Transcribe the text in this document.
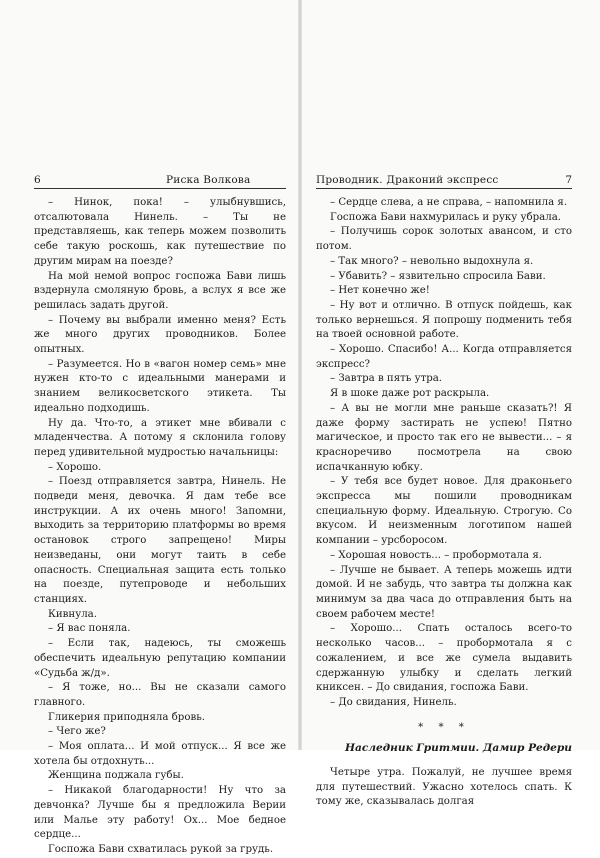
6	Риска Волкова

– Нинок, пока! – улыбнувшись, отсалютовала Нинель. – Ты не представляешь, как теперь можем позволить себе такую роскошь, как путешествие по другим мирам на поезде?

На мой немой вопрос госпожа Бави лишь вздернула смоляную бровь, а вслух я все же решилась задать другой.

– Почему вы выбрали именно меня? Есть же много других проводников. Более опытных.

– Разумеется. Но в «вагон номер семь» мне нужен кто-то с идеальными манерами и знанием великосветского этикета. Ты идеально подходишь.

Ну да. Что-то, а этикет мне вбивали с младенчества. А потому я склонила голову перед удивительной мудростью начальницы:

– Хорошо.

– Поезд отправляется завтра, Нинель. Не подведи меня, девочка. Я дам тебе все инструкции. А их очень много! Запомни, выходить за территорию платформы во время остановок строго запрещено! Миры неизведаны, они могут таить в себе опасность. Специальная защита есть только на поезде, путепроводе и небольших станциях.

Кивнула.

– Я вас поняла.

– Если так, надеюсь, ты сможешь обеспечить идеальную репутацию компании «Судьба ж/д».

– Я тоже, но... Вы не сказали самого главного.

Гликерия приподняла бровь.

– Чего же?

– Моя оплата... И мой отпуск... Я все же хотела бы отдохнуть...

Женщина поджала губы.

– Никакой благодарности! Ну что за девчонка? Лучше бы я предложила Верии или Малье эту работу! Ох... Мое бедное сердце...

Госпожа Бави схватилась рукой за грудь.

Проводник. Драконий экспресс	7

– Сердце слева, а не справа, – напомнила я.

Госпожа Бави нахмурилась и руку убрала.

– Получишь сорок золотых авансом, и сто потом.

– Так много? – невольно выдохнула я.

– Убавить? – язвительно спросила Бави.

– Нет конечно же!

– Ну вот и отлично. В отпуск пойдешь, как только вернешься. Я попрошу подменить тебя на твоей основной работе.

– Хорошо. Спасибо! А... Когда отправляется экспресс?

– Завтра в пять утра.

Я в шоке даже рот раскрыла.

– А вы не могли мне раньше сказать?! Я даже форму застирать не успею! Пятно магическое, и просто так его не вывести... – я красноречиво посмотрела на свою испачканную юбку.

– У тебя все будет новое. Для драконьего экспресса мы пошили проводникам специальную форму. Идеальную. Строгую. Со вкусом. И неизменным логотипом нашей компании – урсборосом.

– Хорошая новость... – пробормотала я.

– Лучше не бывает. А теперь можешь идти домой. И не забудь, что завтра ты должна как минимум за два часа до отправления быть на своем рабочем месте!

– Хорошо... Спать осталось всего-то несколько часов... – пробормотала я с сожалением, и все же сумела выдавить сдержанную улыбку и сделать легкий книксен. – До свидания, госпожа Бави.

– До свидания, Нинель.

* * *

Наследник Гритмии. Дамир Редери

Четыре утра. Пожалуй, не лучшее время для путешествий. Ужасно хотелось спать. К тому же, сказывалась долгая
